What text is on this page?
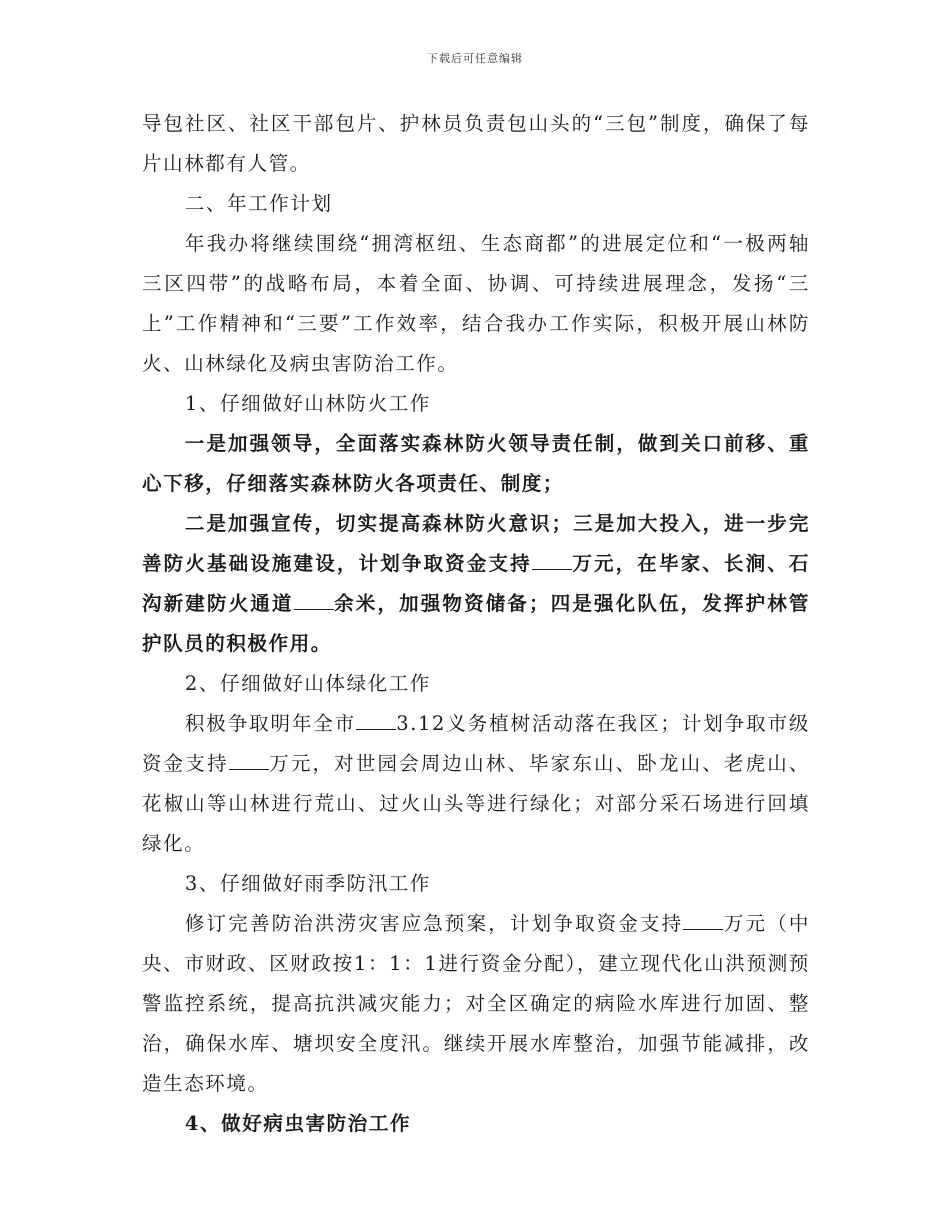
下载后可任意编辑

导包社区、社区干部包片、护林员负责包山头的“三包”制度，确保了每片山林都有人管。

二、年工作计划

年我办将继续围绕“拥湾枢纽、生态商都”的进展定位和“一极两轴三区四带”的战略布局，本着全面、协调、可持续进展理念，发扬“三上”工作精神和“三要”工作效率，结合我办工作实际，积极开展山林防火、山林绿化及病虫害防治工作。

1、仔细做好山林防火工作

一是加强领导，全面落实森林防火领导责任制，做到关口前移、重心下移，仔细落实森林防火各项责任、制度；

二是加强宣传，切实提高森林防火意识；三是加大投入，进一步完善防火基础设施建设，计划争取资金支持 万元，在毕家、长涧、石沟新建防火通道 余米，加强物资储备；四是强化队伍，发挥护林管护队员的积极作用。

2、仔细做好山体绿化工作

积极争取明年全市 3.12义务植树活动落在我区；计划争取市级资金支持 万元，对世园会周边山林、毕家东山、卧龙山、老虎山、花椒山等山林进行荒山、过火山头等进行绿化；对部分采石场进行回填绿化。

3、仔细做好雨季防汛工作

修订完善防治洪涝灾害应急预案，计划争取资金支持 万元（中央、市财政、区财政按1：1：1进行资金分配），建立现代化山洪预测预警监控系统，提高抗洪减灾能力；对全区确定的病险水库进行加固、整治，确保水库、塘坝安全度汛。继续开展水库整治，加强节能减排，改造生态环境。

4、做好病虫害防治工作
